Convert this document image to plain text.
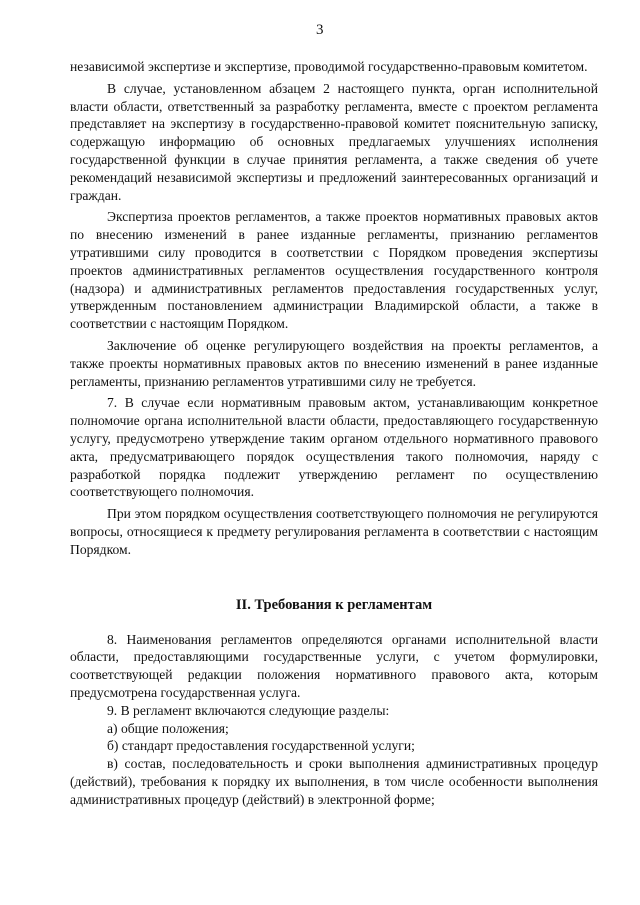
3

независимой экспертизе и экспертизе, проводимой государственно-правовым комитетом.

В случае, установленном абзацем 2 настоящего пункта, орган исполнительной власти области, ответственный за разработку регламента, вместе с проектом регламента представляет на экспертизу в государственно-правовой комитет пояснительную записку, содержащую информацию об основных предлагаемых улучшениях исполнения государственной функции в случае принятия регламента, а также сведения об учете рекомендаций независимой экспертизы и предложений заинтересованных организаций и граждан.

Экспертиза проектов регламентов, а также проектов нормативных правовых актов по внесению изменений в ранее изданные регламенты, признанию регламентов утратившими силу проводится в соответствии с Порядком проведения экспертизы проектов административных регламентов осуществления государственного контроля (надзора) и административных регламентов предоставления государственных услуг, утвержденным постановлением администрации Владимирской области, а также в соответствии с настоящим Порядком.

Заключение об оценке регулирующего воздействия на проекты регламентов, а также проекты нормативных правовых актов по внесению изменений в ранее изданные регламенты, признанию регламентов утратившими силу не требуется.

7. В случае если нормативным правовым актом, устанавливающим конкретное полномочие органа исполнительной власти области, предоставляющего государственную услугу, предусмотрено утверждение таким органом отдельного нормативного правового акта, предусматривающего порядок осуществления такого полномочия, наряду с разработкой порядка подлежит утверждению регламент по осуществлению соответствующего полномочия.

При этом порядком осуществления соответствующего полномочия не регулируются вопросы, относящиеся к предмету регулирования регламента в соответствии с настоящим Порядком.

II. Требования к регламентам

8. Наименования регламентов определяются органами исполнительной власти области, предоставляющими государственные услуги, с учетом формулировки, соответствующей редакции положения нормативного правового акта, которым предусмотрена государственная услуга.

9. В регламент включаются следующие разделы:

а) общие положения;

б) стандарт предоставления государственной услуги;

в) состав, последовательность и сроки выполнения административных процедур (действий), требования к порядку их выполнения, в том числе особенности выполнения административных процедур (действий) в электронной форме;
